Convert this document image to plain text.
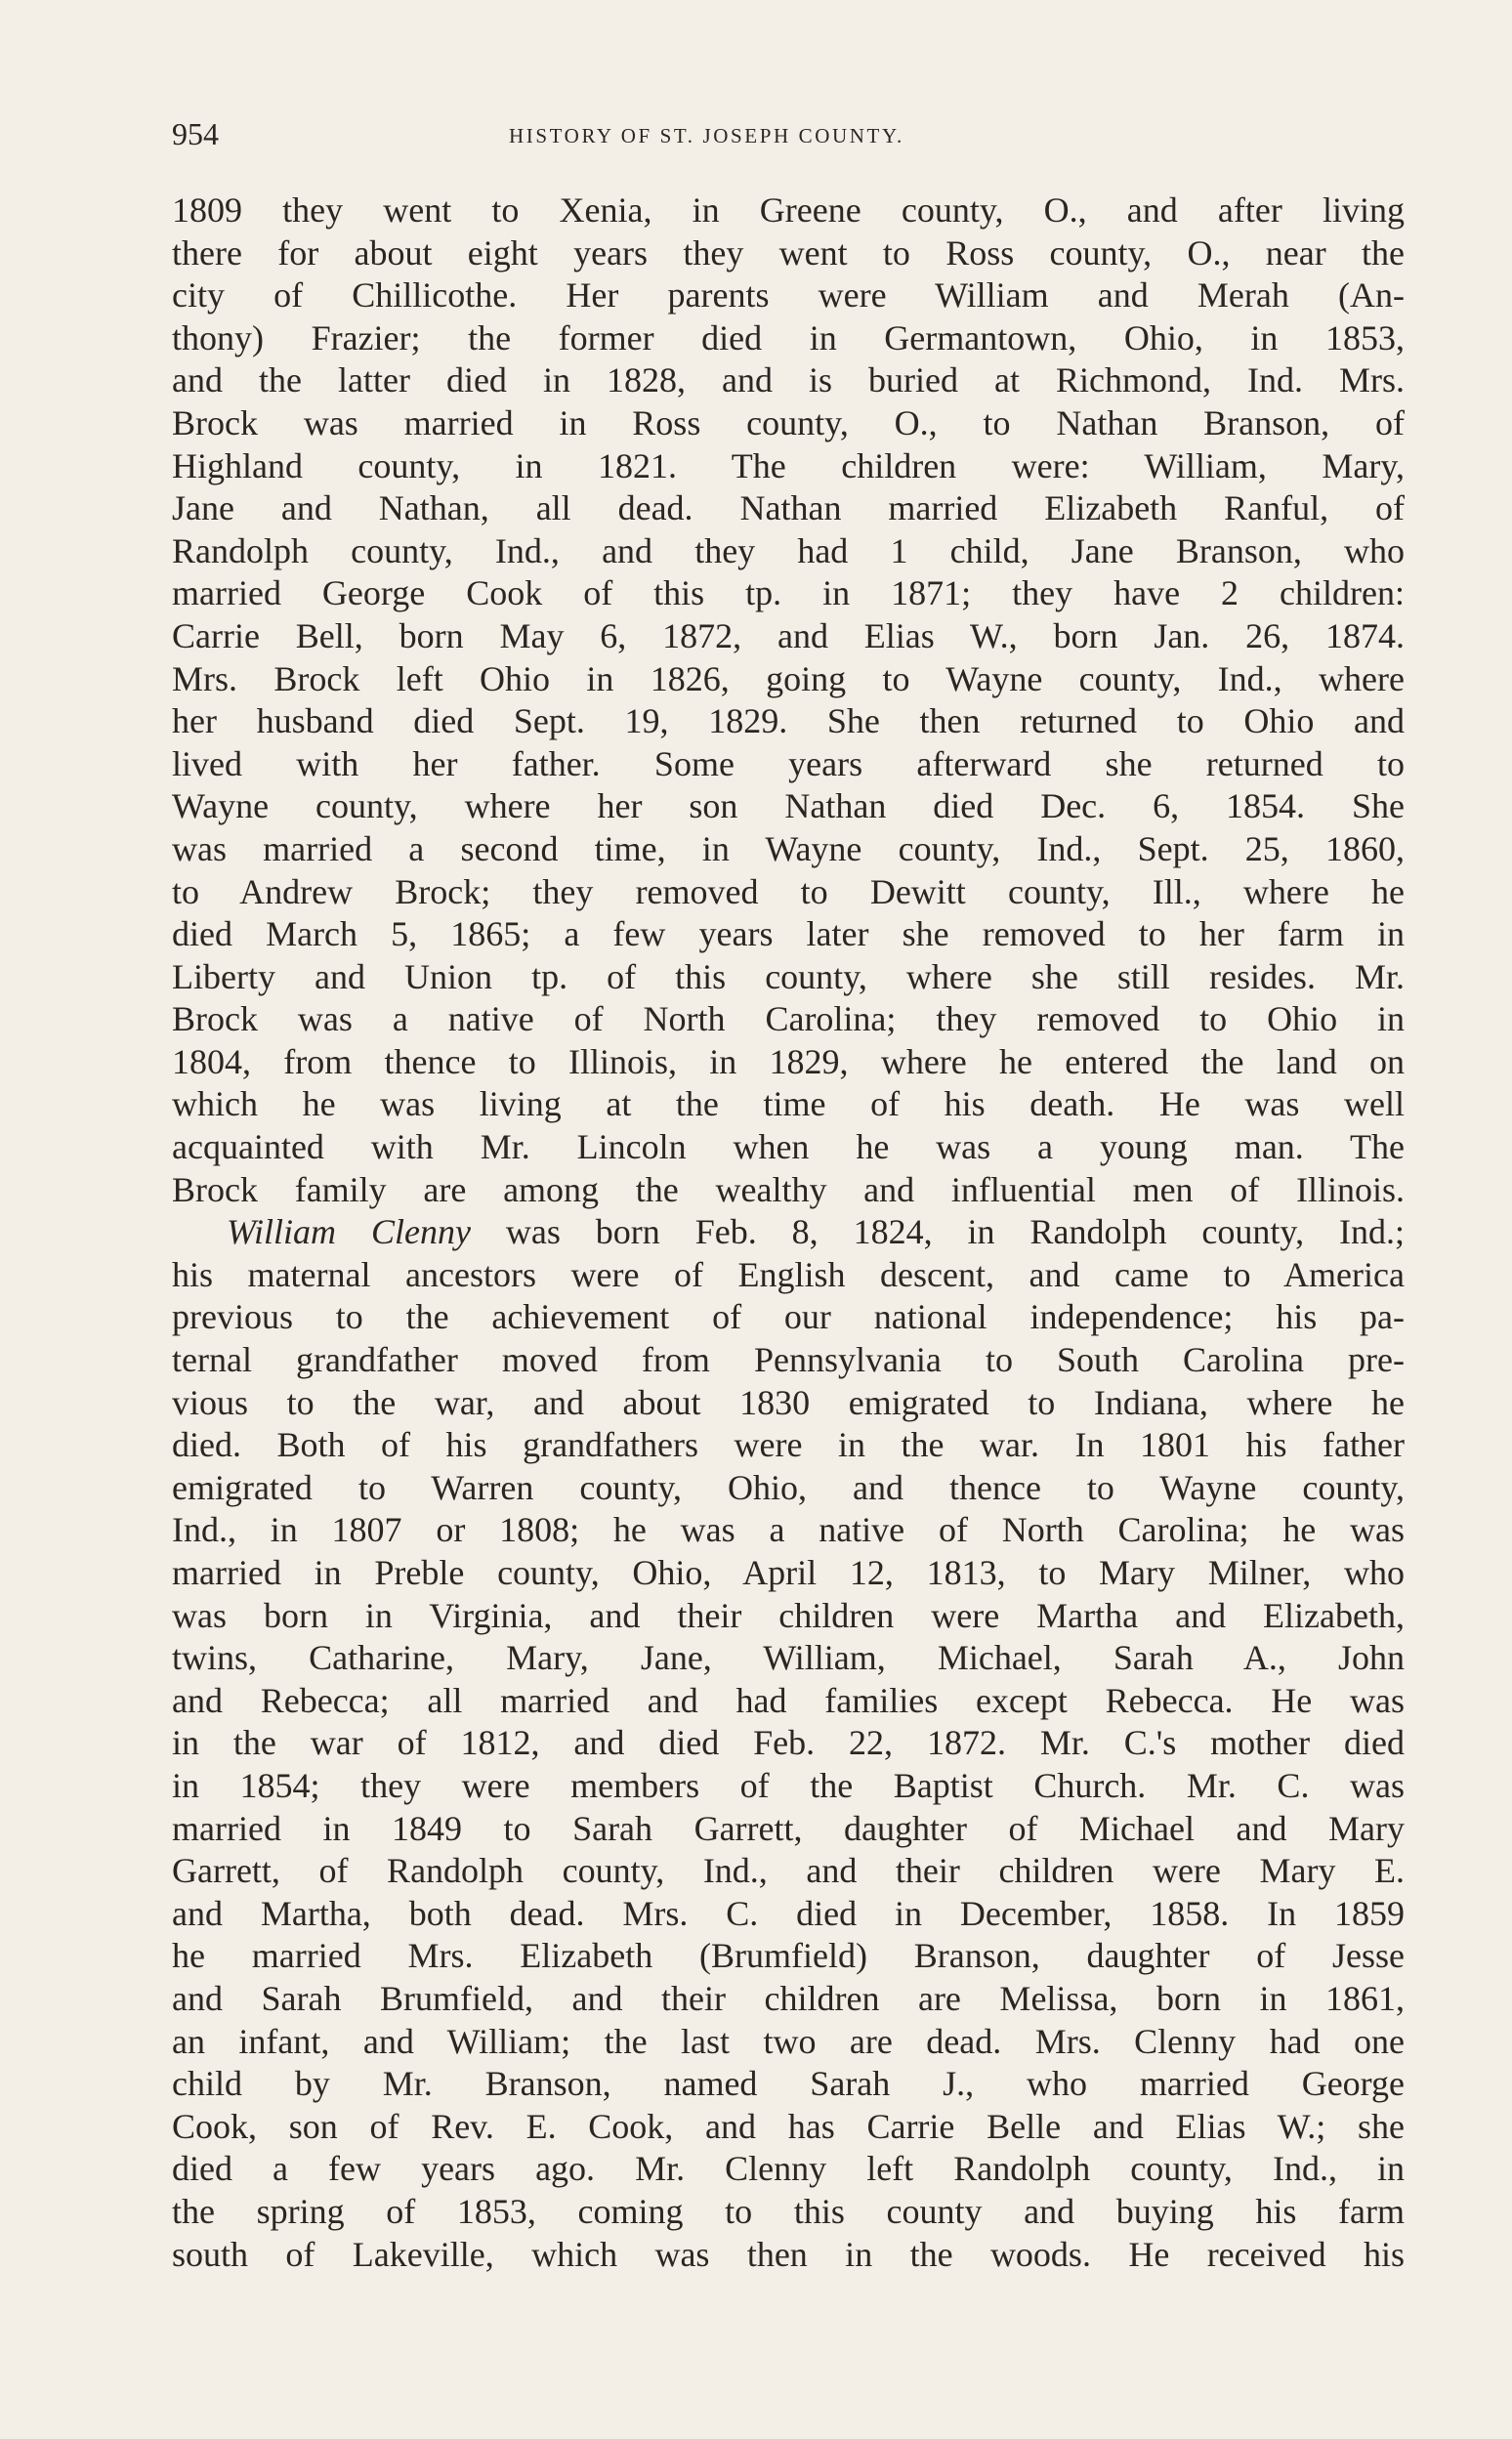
954	HISTORY OF ST. JOSEPH COUNTY.
1809 they went to Xenia, in Greene county, O., and after living
there for about eight years they went to Ross county, O., near the
city of Chillicothe. Her parents were William and Merah (An-
thony) Frazier; the former died in Germantown, Ohio, in 1853,
and the latter died in 1828, and is buried at Richmond, Ind. Mrs.
Brock was married in Ross county, O., to Nathan Branson, of
Highland county, in 1821. The children were: William, Mary,
Jane and Nathan, all dead. Nathan married Elizabeth Ranful, of
Randolph county, Ind., and they had 1 child, Jane Branson, who
married George Cook of this tp. in 1871; they have 2 children:
Carrie Bell, born May 6, 1872, and Elias W., born Jan. 26, 1874.
Mrs. Brock left Ohio in 1826, going to Wayne county, Ind., where
her husband died Sept. 19, 1829. She then returned to Ohio and
lived with her father. Some years afterward she returned to
Wayne county, where her son Nathan died Dec. 6, 1854. She
was married a second time, in Wayne county, Ind., Sept. 25, 1860,
to Andrew Brock; they removed to Dewitt county, Ill., where he
died March 5, 1865; a few years later she removed to her farm in
Liberty and Union tp. of this county, where she still resides. Mr.
Brock was a native of North Carolina; they removed to Ohio in
1804, from thence to Illinois, in 1829, where he entered the land on
which he was living at the time of his death. He was well
acquainted with Mr. Lincoln when he was a young man. The
Brock family are among the wealthy and influential men of Illinois.
William Clenny was born Feb. 8, 1824, in Randolph county, Ind.;
his maternal ancestors were of English descent, and came to America
previous to the achievement of our national independence; his pa-
ternal grandfather moved from Pennsylvania to South Carolina pre-
vious to the war, and about 1830 emigrated to Indiana, where he
died. Both of his grandfathers were in the war. In 1801 his father
emigrated to Warren county, Ohio, and thence to Wayne county,
Ind., in 1807 or 1808; he was a native of North Carolina; he was
married in Preble county, Ohio, April 12, 1813, to Mary Milner, who
was born in Virginia, and their children were Martha and Elizabeth,
twins, Catharine, Mary, Jane, William, Michael, Sarah A., John
and Rebecca; all married and had families except Rebecca. He was
in the war of 1812, and died Feb. 22, 1872. Mr. C.'s mother died
in 1854; they were members of the Baptist Church. Mr. C. was
married in 1849 to Sarah Garrett, daughter of Michael and Mary
Garrett, of Randolph county, Ind., and their children were Mary E.
and Martha, both dead. Mrs. C. died in December, 1858. In 1859
he married Mrs. Elizabeth (Brumfield) Branson, daughter of Jesse
and Sarah Brumfield, and their children are Melissa, born in 1861,
an infant, and William; the last two are dead. Mrs. Clenny had one
child by Mr. Branson, named Sarah J., who married George
Cook, son of Rev. E. Cook, and has Carrie Belle and Elias W.; she
died a few years ago. Mr. Clenny left Randolph county, Ind., in
the spring of 1853, coming to this county and buying his farm
south of Lakeville, which was then in the woods. He received his
